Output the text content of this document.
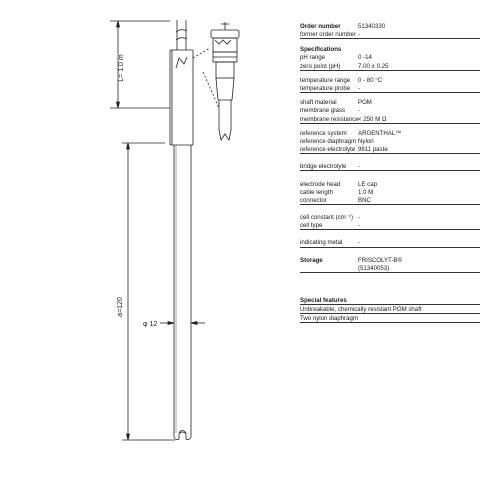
L= 1.0 m
a=120
φ 12
Order number	51340330
former order number -
Specifications
pH range	0 -14
zero point (pH)	7.00 ± 0.25
temperature range	0 - 80 °C
temperature probe	-
shaft material	POM
membrane glass	-
membrane resistance < 250 M Ω
reference system	ARGENTHAL™
reference diaphragm Nylon
reference electrolyte 9811 paste
bridge electrolyte	-
electrode head	LE cap
cable length	1.0 M
connector	BNC
cell constant (cm⁻¹) -
cell type	-
indicating metal	-
Storage	FRISCOLYT-B®
(51340053)
Special features
Unbreakable, chemically resistant POM shaft
Two nylon diaphragm
